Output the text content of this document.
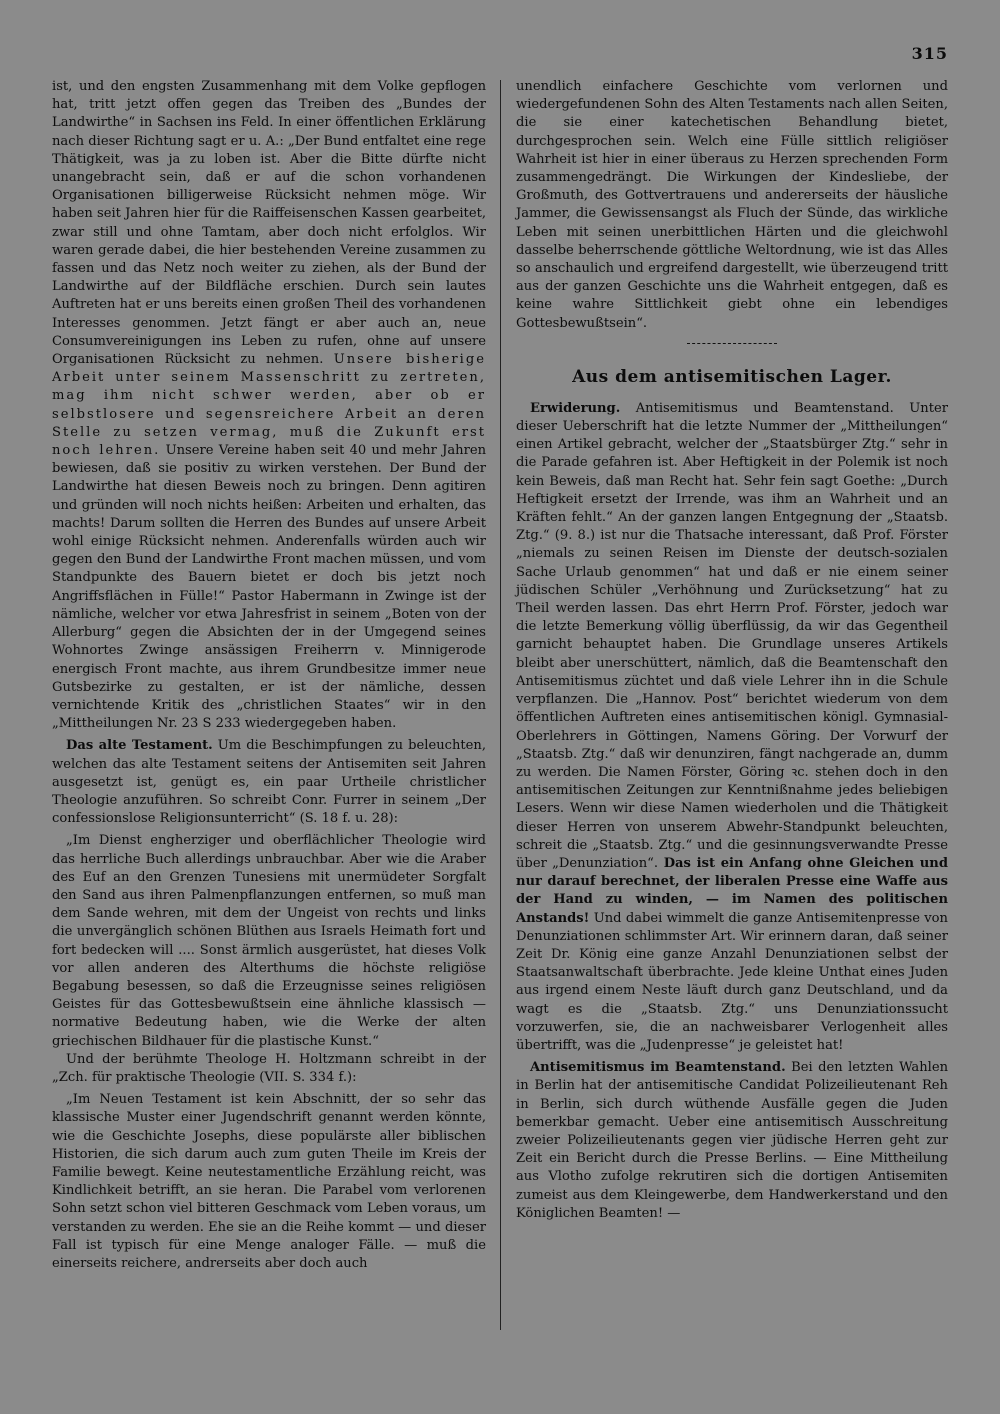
315

ist, und den engsten Zusammenhang mit dem Volke gepflogen hat, tritt jetzt offen gegen das Treiben des „Bundes der Landwirthe“ in Sachsen ins Feld. In einer öffentlichen Erklärung nach dieser Richtung sagt er u. A.: „Der Bund entfaltet eine rege Thätigkeit, was ja zu loben ist. Aber die Bitte dürfte nicht unangebracht sein, daß er auf die schon vorhandenen Organisationen billigerweise Rücksicht nehmen möge. Wir haben seit Jahren hier für die Raiffeisenschen Kassen gearbeitet, zwar still und ohne Tamtam, aber doch nicht erfolglos. Wir waren gerade dabei, die hier bestehenden Vereine zusammen zu fassen und das Netz noch weiter zu ziehen, als der Bund der Landwirthe auf der Bildfläche erschien. Durch sein lautes Auftreten hat er uns bereits einen großen Theil des vorhandenen Interesses genommen. Jetzt fängt er aber auch an, neue Consumvereinigungen ins Leben zu rufen, ohne auf unsere Organisationen Rücksicht zu nehmen. Unsere bisherige Arbeit unter seinem Massenschritt zu zertreten, mag ihm nicht schwer werden, aber ob er selbstlosere und segensreichere Arbeit an deren Stelle zu setzen vermag, muß die Zukunft erst noch lehren. Unsere Vereine haben seit 40 und mehr Jahren bewiesen, daß sie positiv zu wirken verstehen. Der Bund der Landwirthe hat diesen Beweis noch zu bringen. Denn agitiren und gründen will noch nichts heißen: Arbeiten und erhalten, das machts! Darum sollten die Herren des Bundes auf unsere Arbeit wohl einige Rücksicht nehmen. Anderenfalls würden auch wir gegen den Bund der Landwirthe Front machen müssen, und vom Standpunkte des Bauern bietet er doch bis jetzt noch Angriffsflächen in Fülle!“ Pastor Habermann in Zwinge ist der nämliche, welcher vor etwa Jahresfrist in seinem „Boten von der Allerburg“ gegen die Absichten der in der Umgegend seines Wohnortes Zwinge ansässigen Freiherrn v. Minnigerode energisch Front machte, aus ihrem Grundbesitze immer neue Gutsbezirke zu gestalten, er ist der nämliche, dessen vernichtende Kritik des „christlichen Staates“ wir in den „Mittheilungen Nr. 23 S 233 wiedergegeben haben.

Das alte Testament. Um die Beschimpfungen zu beleuchten, welchen das alte Testament seitens der Antisemiten seit Jahren ausgesetzt ist, genügt es, ein paar Urtheile christlicher Theologie anzuführen. So schreibt Conr. Furrer in seinem „Der confessionslose Religionsunterricht“ (S. 18 f. u. 28):

„Im Dienst engherziger und oberflächlicher Theologie wird das herrliche Buch allerdings unbrauchbar. Aber wie die Araber des Euf an den Grenzen Tunesiens mit unermüdeter Sorgfalt den Sand aus ihren Palmenpflanzungen entfernen, so muß man dem Sande wehren, mit dem der Ungeist von rechts und links die unvergänglich schönen Blüthen aus Israels Heimath fort und fort bedecken will .... Sonst ärmlich ausgerüstet, hat dieses Volk vor allen anderen des Alterthums die höchste religiöse Begabung besessen, so daß die Erzeugnisse seines religiösen Geistes für das Gottesbewußtsein eine ähnliche klassisch — normative Bedeutung haben, wie die Werke der alten griechischen Bildhauer für die plastische Kunst.“

Und der berühmte Theologe H. Holtzmann schreibt in der „Zch. für praktische Theologie (VII. S. 334 f.):

„Im Neuen Testament ist kein Abschnitt, der so sehr das klassische Muster einer Jugendschrift genannt werden könnte, wie die Geschichte Josephs, diese populärste aller biblischen Historien, die sich darum auch zum guten Theile im Kreis der Familie bewegt. Keine neutestamentliche Erzählung reicht, was Kindlichkeit betrifft, an sie heran. Die Parabel vom verlorenen Sohn setzt schon viel bitteren Geschmack vom Leben voraus, um verstanden zu werden. Ehe sie an die Reihe kommt — und dieser Fall ist typisch für eine Menge analoger Fälle. — muß die einerseits reichere, andrerseits aber doch auch

unendlich einfachere Geschichte vom verlornen und wiedergefundenen Sohn des Alten Testaments nach allen Seiten, die sie einer katechetischen Behandlung bietet, durchgesprochen sein. Welch eine Fülle sittlich religiöser Wahrheit ist hier in einer überaus zu Herzen sprechenden Form zusammengedrängt. Die Wirkungen der Kindesliebe, der Großmuth, des Gottvertrauens und andererseits der häusliche Jammer, die Gewissensangst als Fluch der Sünde, das wirkliche Leben mit seinen unerbittlichen Härten und die gleichwohl dasselbe beherrschende göttliche Weltordnung, wie ist das Alles so anschaulich und ergreifend dargestellt, wie überzeugend tritt aus der ganzen Geschichte uns die Wahrheit entgegen, daß es keine wahre Sittlichkeit giebt ohne ein lebendiges Gottesbewußtsein“.

Aus dem antisemitischen Lager.

Erwiderung. Antisemitismus und Beamtenstand. Unter dieser Ueberschrift hat die letzte Nummer der „Mittheilungen“ einen Artikel gebracht, welcher der „Staatsbürger Ztg.“ sehr in die Parade gefahren ist. Aber Heftigkeit in der Polemik ist noch kein Beweis, daß man Recht hat. Sehr fein sagt Goethe: „Durch Heftigkeit ersetzt der Irrende, was ihm an Wahrheit und an Kräften fehlt.“ An der ganzen langen Entgegnung der „Staatsb. Ztg.“ (9. 8.) ist nur die Thatsache interessant, daß Prof. Förster „niemals zu seinen Reisen im Dienste der deutsch-sozialen Sache Urlaub genommen“ hat und daß er nie einem seiner jüdischen Schüler „Verhöhnung und Zurücksetzung“ hat zu Theil werden lassen. Das ehrt Herrn Prof. Förster, jedoch war die letzte Bemerkung völlig überflüssig, da wir das Gegentheil garnicht behauptet haben. Die Grundlage unseres Artikels bleibt aber unerschüttert, nämlich, daß die Beamtenschaft den Antisemitismus züchtet und daß viele Lehrer ihn in die Schule verpflanzen. Die „Hannov. Post“ berichtet wiederum von dem öffentlichen Auftreten eines antisemitischen königl. Gymnasial-Oberlehrers in Göttingen, Namens Göring. Der Vorwurf der „Staatsb. Ztg.“ daß wir denunziren, fängt nachgerade an, dumm zu werden. Die Namen Förster, Göring ꝛc. stehen doch in den antisemitischen Zeitungen zur Kenntnißnahme jedes beliebigen Lesers. Wenn wir diese Namen wiederholen und die Thätigkeit dieser Herren von unserem Abwehr-Standpunkt beleuchten, schreit die „Staatsb. Ztg.“ und die gesinnungsverwandte Presse über „Denunziation“. Das ist ein Anfang ohne Gleichen und nur darauf berechnet, der liberalen Presse eine Waffe aus der Hand zu winden, — im Namen des politischen Anstands! Und dabei wimmelt die ganze Antisemitenpresse von Denunziationen schlimmster Art. Wir erinnern daran, daß seiner Zeit Dr. König eine ganze Anzahl Denunziationen selbst der Staatsanwaltschaft überbrachte. Jede kleine Unthat eines Juden aus irgend einem Neste läuft durch ganz Deutschland, und da wagt es die „Staatsb. Ztg.“ uns Denunziationssucht vorzuwerfen, sie, die an nachweisbarer Verlogenheit alles übertrifft, was die „Judenpresse“ je geleistet hat!

Antisemitismus im Beamtenstand. Bei den letzten Wahlen in Berlin hat der antisemitische Candidat Polizeilieutenant Reh in Berlin, sich durch wüthende Ausfälle gegen die Juden bemerkbar gemacht. Ueber eine antisemitisch Ausschreitung zweier Polizeilieutenants gegen vier jüdische Herren geht zur Zeit ein Bericht durch die Presse Berlins. — Eine Mittheilung aus Vlotho zufolge rekrutiren sich die dortigen Antisemiten zumeist aus dem Kleingewerbe, dem Handwerkerstand und den Königlichen Beamten! —
